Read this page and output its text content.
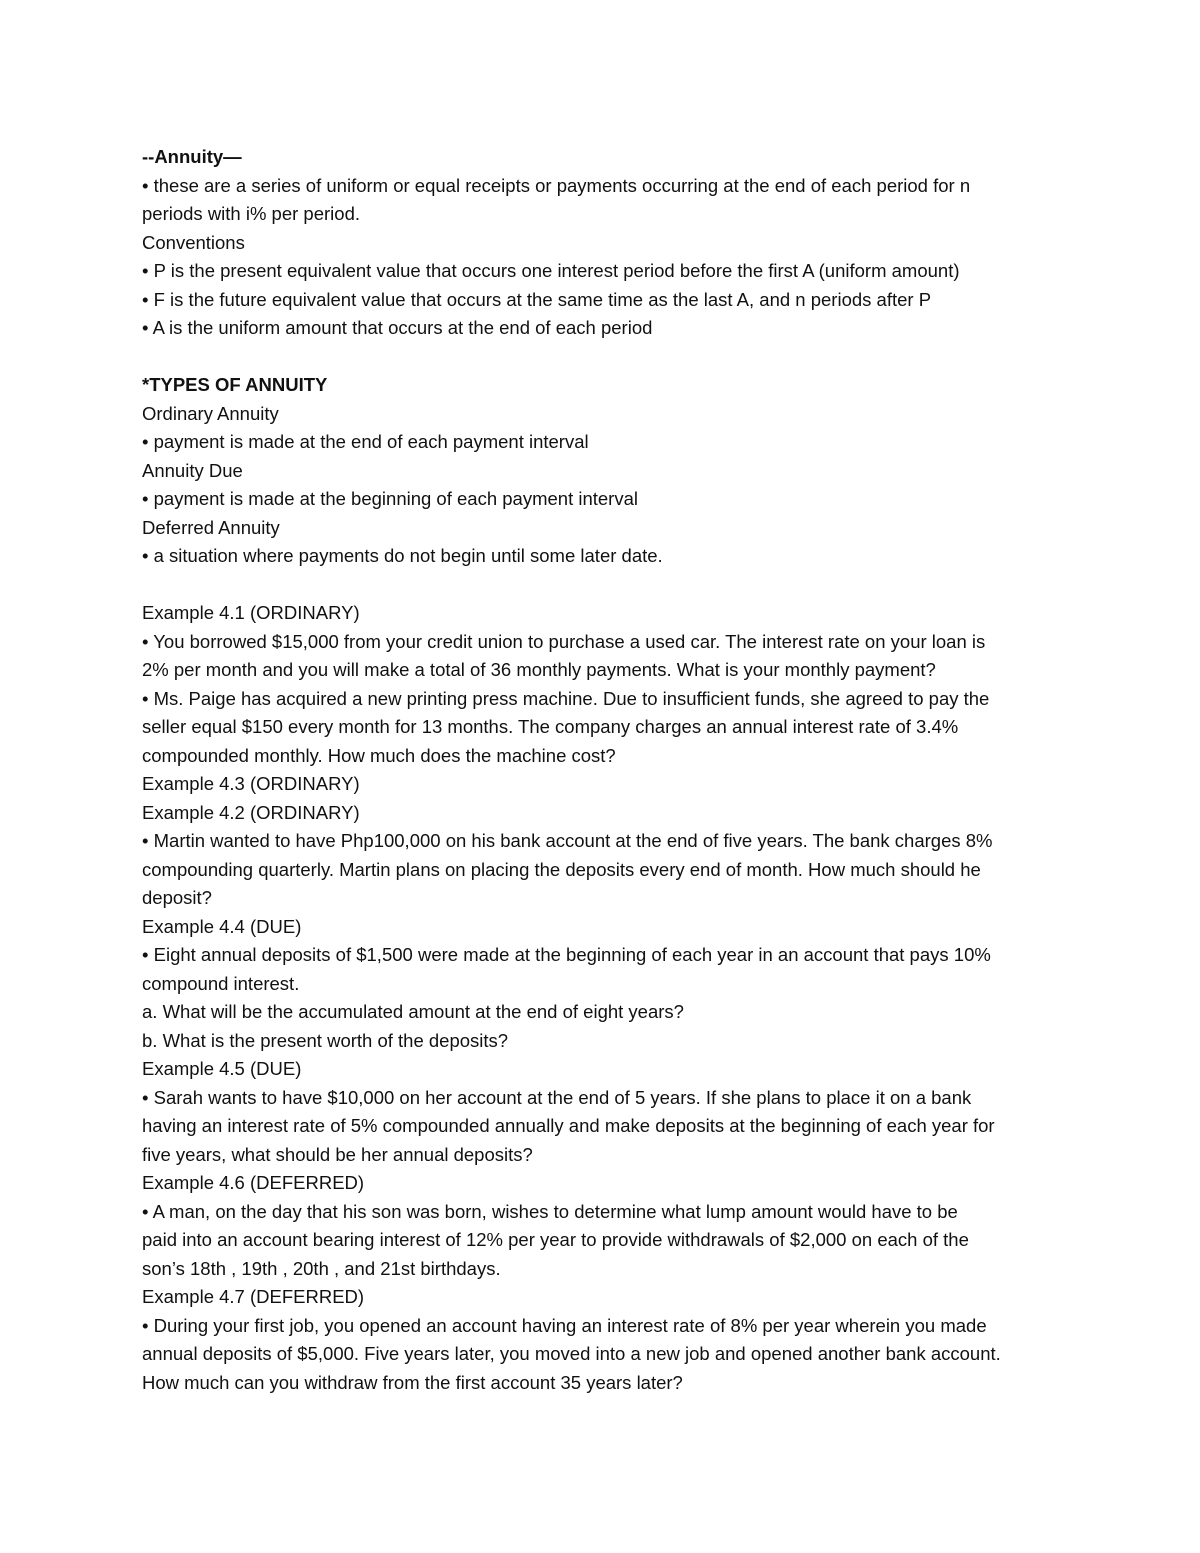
--Annuity—
• these are a series of uniform or equal receipts or payments occurring at the end of each period for n
periods with i% per period.
Conventions
• P is the present equivalent value that occurs one interest period before the first A (uniform amount)
• F is the future equivalent value that occurs at the same time as the last A, and n periods after P
• A is the uniform amount that occurs at the end of each period
*TYPES OF ANNUITY
Ordinary Annuity
• payment is made at the end of each payment interval
Annuity Due
• payment is made at the beginning of each payment interval
Deferred Annuity
• a situation where payments do not begin until some later date.
Example 4.1 (ORDINARY)
• You borrowed $15,000 from your credit union to purchase a used car. The interest rate on your loan is
2% per month and you will make a total of 36 monthly payments. What is your monthly payment?
• Ms. Paige has acquired a new printing press machine. Due to insufficient funds, she agreed to pay the
seller equal $150 every month for 13 months. The company charges an annual interest rate of 3.4%
compounded monthly. How much does the machine cost?
Example 4.3 (ORDINARY)
Example 4.2 (ORDINARY)
• Martin wanted to have Php100,000 on his bank account at the end of five years. The bank charges 8%
compounding quarterly. Martin plans on placing the deposits every end of month. How much should he
deposit?
Example 4.4 (DUE)
• Eight annual deposits of $1,500 were made at the beginning of each year in an account that pays 10%
compound interest.
a. What will be the accumulated amount at the end of eight years?
b. What is the present worth of the deposits?
Example 4.5 (DUE)
• Sarah wants to have $10,000 on her account at the end of 5 years. If she plans to place it on a bank
having an interest rate of 5% compounded annually and make deposits at the beginning of each year for
five years, what should be her annual deposits?
Example 4.6 (DEFERRED)
• A man, on the day that his son was born, wishes to determine what lump amount would have to be
paid into an account bearing interest of 12% per year to provide withdrawals of $2,000 on each of the
son’s 18th , 19th , 20th , and 21st birthdays.
Example 4.7 (DEFERRED)
• During your first job, you opened an account having an interest rate of 8% per year wherein you made
annual deposits of $5,000. Five years later, you moved into a new job and opened another bank account.
How much can you withdraw from the first account 35 years later?
